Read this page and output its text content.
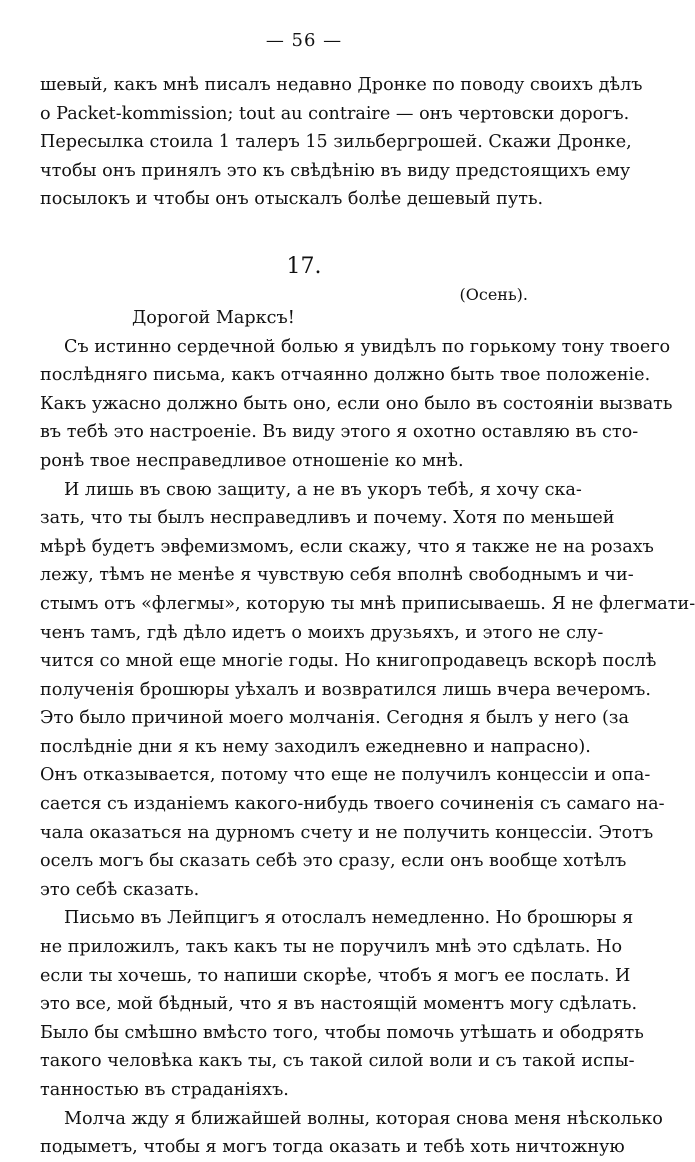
— 56 —
шевый, какъ мнѣ писалъ недавно Дронке по поводу своихъ дѣлъ
о Packet-kommission; tout au contraire — онъ чертовски дорогъ.
Пересылка стоила 1 талеръ 15 зильбергрошей. Скажи Дронке,
чтобы онъ принялъ это къ свѣдѣнію въ виду предстоящихъ ему
посылокъ и чтобы онъ отыскалъ болѣе дешевый путь.
17.
(Осень).
Дорогой Марксъ!
Съ истинно сердечной болью я увидѣлъ по горькому тону твоего
послѣдняго письма, какъ отчаянно должно быть твое положеніе.
Какъ ужасно должно быть оно, если оно было въ состояніи вызвать
въ тебѣ это настроеніе. Въ виду этого я охотно оставляю въ сто-
ронѣ твое несправедливое отношеніе ко мнѣ.
И лишь въ свою защиту, а не въ укоръ тебѣ, я хочу ска-
зать, что ты былъ несправедливъ и почему. Хотя по меньшей
мѣрѣ будетъ эвфемизмомъ, если скажу, что я также не на розахъ
лежу, тѣмъ не менѣе я чувствую себя вполнѣ свободнымъ и чи-
стымъ отъ «флегмы», которую ты мнѣ приписываешь. Я не флегмати-
ченъ тамъ, гдѣ дѣло идетъ о моихъ друзьяхъ, и этого не слу-
чится со мной еще многіе годы. Но книгопродавецъ вскорѣ послѣ
полученія брошюры уѣхалъ и возвратился лишь вчера вечеромъ.
Это было причиной моего молчанія. Сегодня я былъ у него (за
послѣдніе дни я къ нему заходилъ ежедневно и напрасно).
Онъ отказывается, потому что еще не получилъ концессіи и опа-
сается съ изданіемъ какого-нибудь твоего сочиненія съ самаго на-
чала оказаться на дурномъ счету и не получить концессіи. Этотъ
оселъ могъ бы сказать себѣ это сразу, если онъ вообще хотѣлъ
это себѣ сказать.
Письмо въ Лейпцигъ я отослалъ немедленно. Но брошюры я
не приложилъ, такъ какъ ты не поручилъ мнѣ это сдѣлать. Но
если ты хочешь, то напиши скорѣе, чтобъ я могъ ее послать. И
это все, мой бѣдный, что я въ настоящій моментъ могу сдѣлать.
Было бы смѣшно вмѣсто того, чтобы помочь утѣшать и ободрять
такого человѣка какъ ты, съ такой силой воли и съ такой испы-
танностью въ страданіяхъ.
Молча жду я ближайшей волны, которая снова меня нѣсколько
подыметъ, чтобы я могъ тогда оказать и тебѣ хоть ничтожную
